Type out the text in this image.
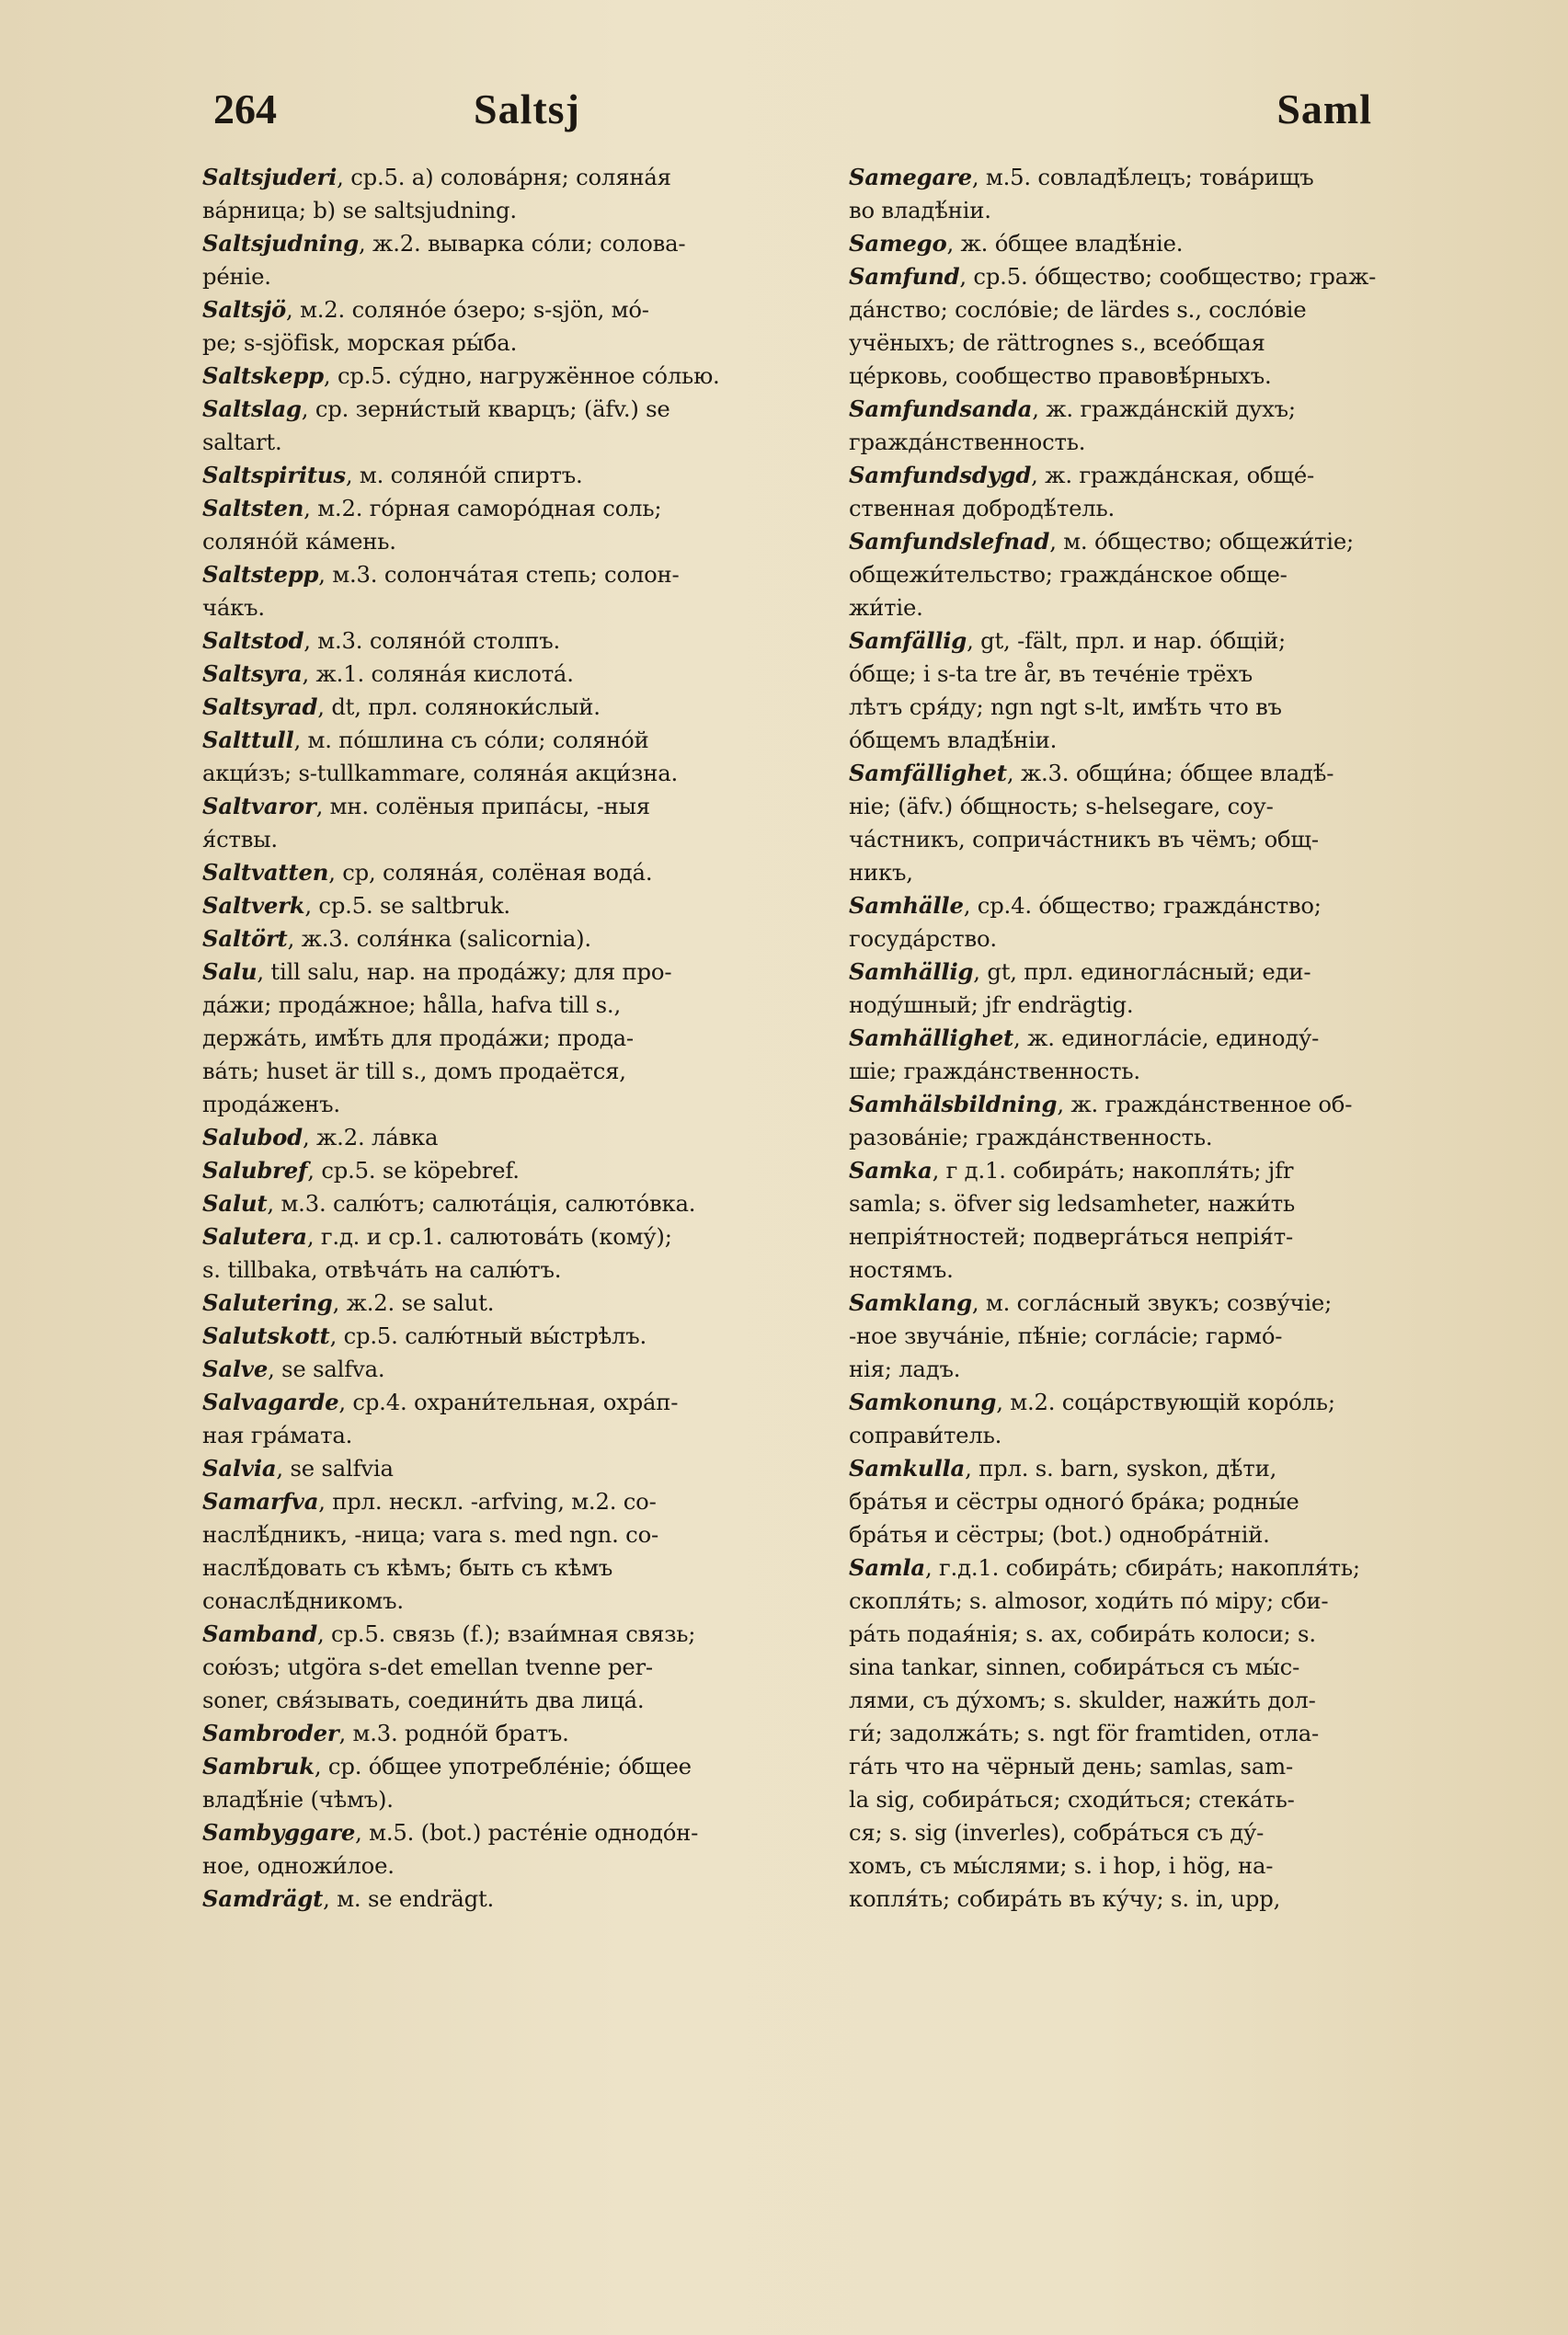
264	Saltsj	Saml
Saltsjuderi, ср.5. а) солова́рня; соляна́я
ва́рница; b) se saltsjudning.
Saltsjudning, ж.2. выварка со́ли; солова-
ре́ніе.
Saltsjö, м.2. соляно́е о́зеро; s-sjön, мо́-
ре; s-sjöfisk, морская ры́ба.
Saltskepp, ср.5. су́дно, нагружённое со́лью.
Saltslag, ср. зерни́стый кварцъ; (äfv.) se
saltart.
Saltspiritus, м. соляно́й спиртъ.
Saltsten, м.2. го́рная самоpо́дная соль;
соляно́й ка́мень.
Saltstepp, м.3. солонча́тая степь; солон-
ча́къ.
Saltstod, м.3. соляно́й столпъ.
Saltsyra, ж.1. соляна́я кислота́.
Saltsyrad, dt, прл. солянoки́слый.
Salttull, м. по́шлина съ со́ли; соляно́й
акци́зъ; s-tullkammare, соляна́я акци́зна.
Saltvaror, мн. солёныя припа́сы, -ныя
я́ствы.
Saltvatten, ср, соляна́я, солёная вода́.
Saltverk, ср.5. se saltbruk.
Saltört, ж.3. соля́нка (salicornia).
Salu, till salu, нар. на прода́жу; для про-
да́жи; прода́жное; hålla, hafva till s.,
держа́ть, имѣ́ть для прода́жи; прода-
ва́ть; huset är till s., домъ продаётся,
прода́женъ.
Salubod, ж.2. ла́вка
Salubref, ср.5. se köpebref.
Salut, м.3. салю́тъ; салюта́ція, салюто́вка.
Salutera, г.д. и ср.1. салютова́ть (кому́);
s. tillbaka, отвѣча́ть на салю́тъ.
Salutering, ж.2. se salut.
Salutskott, ср.5. салю́тный вы́стрѣлъ.
Salve, se salfva.
Salvagarde, ср.4. охрани́тельная, охра́п-
ная гра́мата.
Salvia, se salfvia
Samarfva, прл. нескл. -arfving, м.2. со-
наслѣ́дникъ, -ница; vara s. med ngn. со-
наслѣ́довать съ кѣмъ; быть съ кѣмъ
сонаслѣ́дникомъ.
Samband, ср.5. связь (f.); взаи́мная связь;
сою́зъ; utgöra s-det emellan tvenne per-
soner, свя́зывать, соедини́ть два лица́.
Sambroder, м.3. родно́й братъ.
Sambruk, ср. о́бщее употребле́ніе; о́бщее
владѣ́ніе (чѣмъ).
Sambyggare, м.5. (bot.) расте́ніе однодо́н-
ное, одножи́лое.
Samdrägt, м. se endrägt.
Samegare, м.5. совладѣ́лецъ; това́рищъ
во владѣ́ніи.
Samego, ж. о́бщее владѣ́ніе.
Samfund, ср.5. о́бщество; сообщество; граж-
да́нство; сосло́віе; de lärdes s., сосло́віе
учёныхъ; de rättrognes s., всео́бщая
це́рковь, сообщество правовѣ́рныхъ.
Samfundsanda, ж. гражда́нскій духъ;
гражда́нственность.
Samfundsdygd, ж. гражда́нская, обще́-
ственная добродѣ́тель.
Samfundslefnad, м. о́бщество; общежи́тіе;
общежи́тельство; гражда́нское обще-
жи́тіе.
Samfällig, gt, -fält, прл. и нар. о́бщій;
о́бще; i s-ta tre år, въ тече́ніе трёхъ
лѣтъ сря́ду; ngn ngt s-lt, имѣ́ть что въ
о́бщемъ владѣ́ніи.
Samfällighet, ж.3. общи́на; о́бщее владѣ́-
ніе; (äfv.) о́бщность; s-helsegare, соу-
ча́стникъ, соприча́стникъ въ чёмъ; общ-
никъ,
Samhälle, ср.4. о́бщество; гражда́нство;
госуда́рство.
Samhällig, gt, прл. единогла́сный; еди-
нoду́шный; jfr endrägtig.
Samhällighet, ж. единогла́сіе, единоду́-
шіе; гражда́нственность.
Samhälsbildning, ж. гражда́нственное об-
разова́ніе; гражда́нственность.
Samka, г д.1. собира́ть; накопля́ть; jfr
samla; s. öfver sig ledsamheter, нажи́ть
непрія́тностей; подверга́ться непрія́т-
ностямъ.
Samklang, м. согла́сный звукъ; созву́чіе;
-ное звуча́ніе, пѣ́ніе; согла́сіе; гармо́-
нія; ладъ.
Samkonung, м.2. соца́рствующій коро́ль;
соправи́тель.
Samkulla, прл. s. barn, syskon, дѣ́ти,
бра́тья и сёстры одного́ бра́ка; родны́е
бра́тья и сёстры; (bot.) однобра́тній.
Samla, г.д.1. собира́ть; сбира́ть; накопля́ть;
скопля́ть; s. almosor, ходи́ть по́ міру; сби-
ра́ть подая́нія; s. ax, собира́ть колоси; s.
sina tankar, sinnen, собира́ться съ мы́с-
лями, съ ду́хомъ; s. skulder, нажи́ть дол-
ги́; задолжа́ть; s. ngt för framtiden, отла-
га́ть что на чёрный день; samlas, sam-
la sig, собира́ться; сходи́ться; стека́ть-
ся; s. sig (inverles), собра́ться съ ду́-
хомъ, съ мы́слями; s. i hop, i hög, на-
копля́ть; собира́ть въ ку́чу; s. in, upp,
